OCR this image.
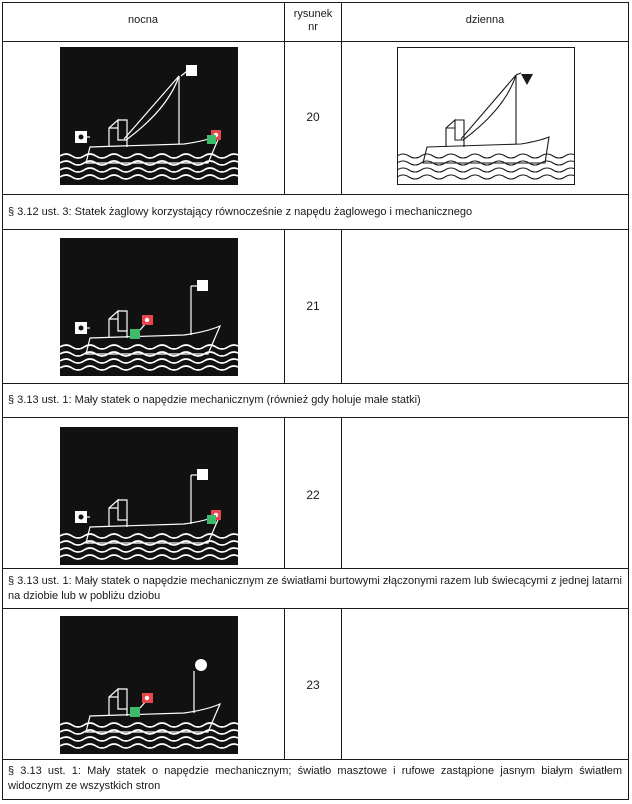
nocna	rysunek
nr
dzienna
20
21
22
23
§ 3.12 ust. 3: Statek żaglowy korzystający równocześnie z napędu żaglowego i mechanicznego
§ 3.13 ust. 1: Mały statek o napędzie mechanicznym (również gdy holuje małe statki)
§ 3.13 ust. 1: Mały statek o napędzie mechanicznym ze światłami burtowymi złączonymi razem lub świecącymi z jednej latarni na dziobie lub w pobliżu dziobu
§ 3.13 ust. 1: Mały statek o napędzie mechanicznym; światło masztowe i rufowe zastąpione jasnym białym światłem widocznym ze wszystkich stron
